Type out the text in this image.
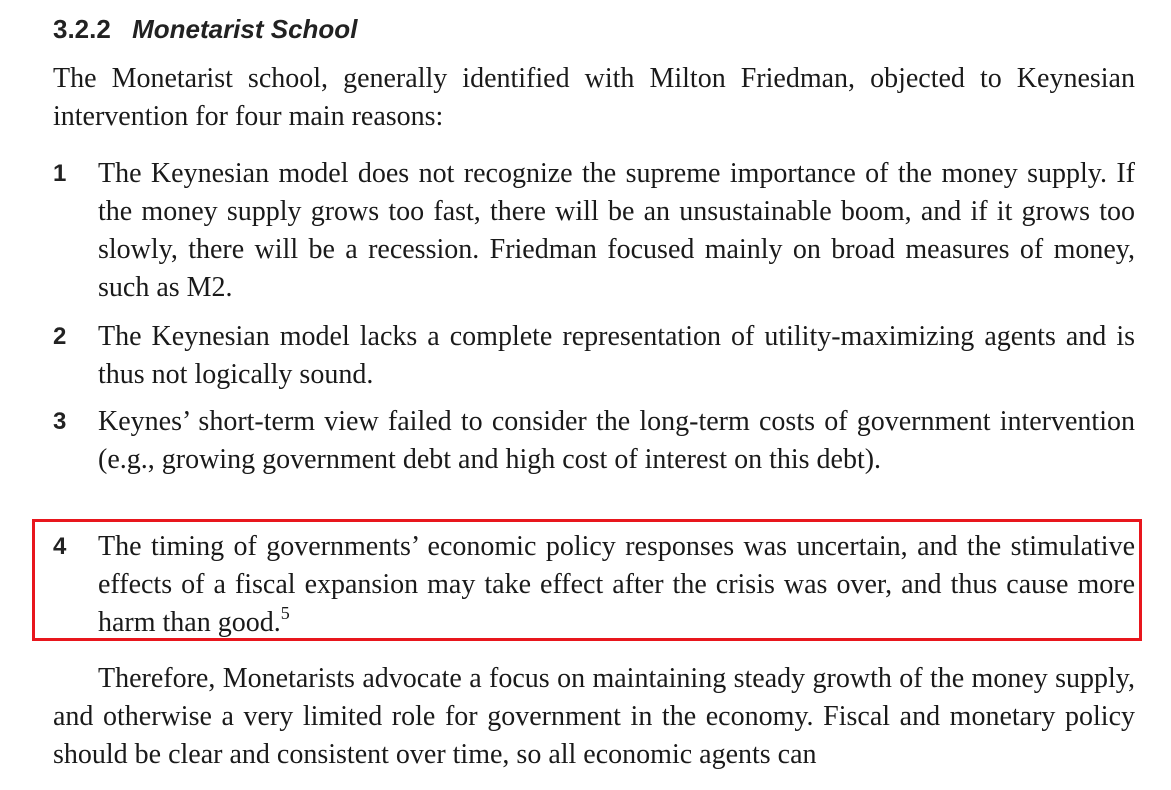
3.2.2 Monetarist School

The Monetarist school, generally identified with Milton Friedman, objected to Keynesian intervention for four main reasons:

1	The Keynesian model does not recognize the supreme importance of the money supply. If the money supply grows too fast, there will be an unsustainable boom, and if it grows too slowly, there will be a recession. Friedman focused mainly on broad measures of money, such as M2.

2	The Keynesian model lacks a complete representation of utility-maximizing agents and is thus not logically sound.

3	Keynes’ short-term view failed to consider the long-term costs of government intervention (e.g., growing government debt and high cost of interest on this debt).

4	The timing of governments’ economic policy responses was uncertain, and the stimulative effects of a fiscal expansion may take effect after the crisis was over, and thus cause more harm than good.$^5$

Therefore, Monetarists advocate a focus on maintaining steady growth of the money supply, and otherwise a very limited role for government in the economy. Fiscal and monetary policy should be clear and consistent over time, so all economic agents can
